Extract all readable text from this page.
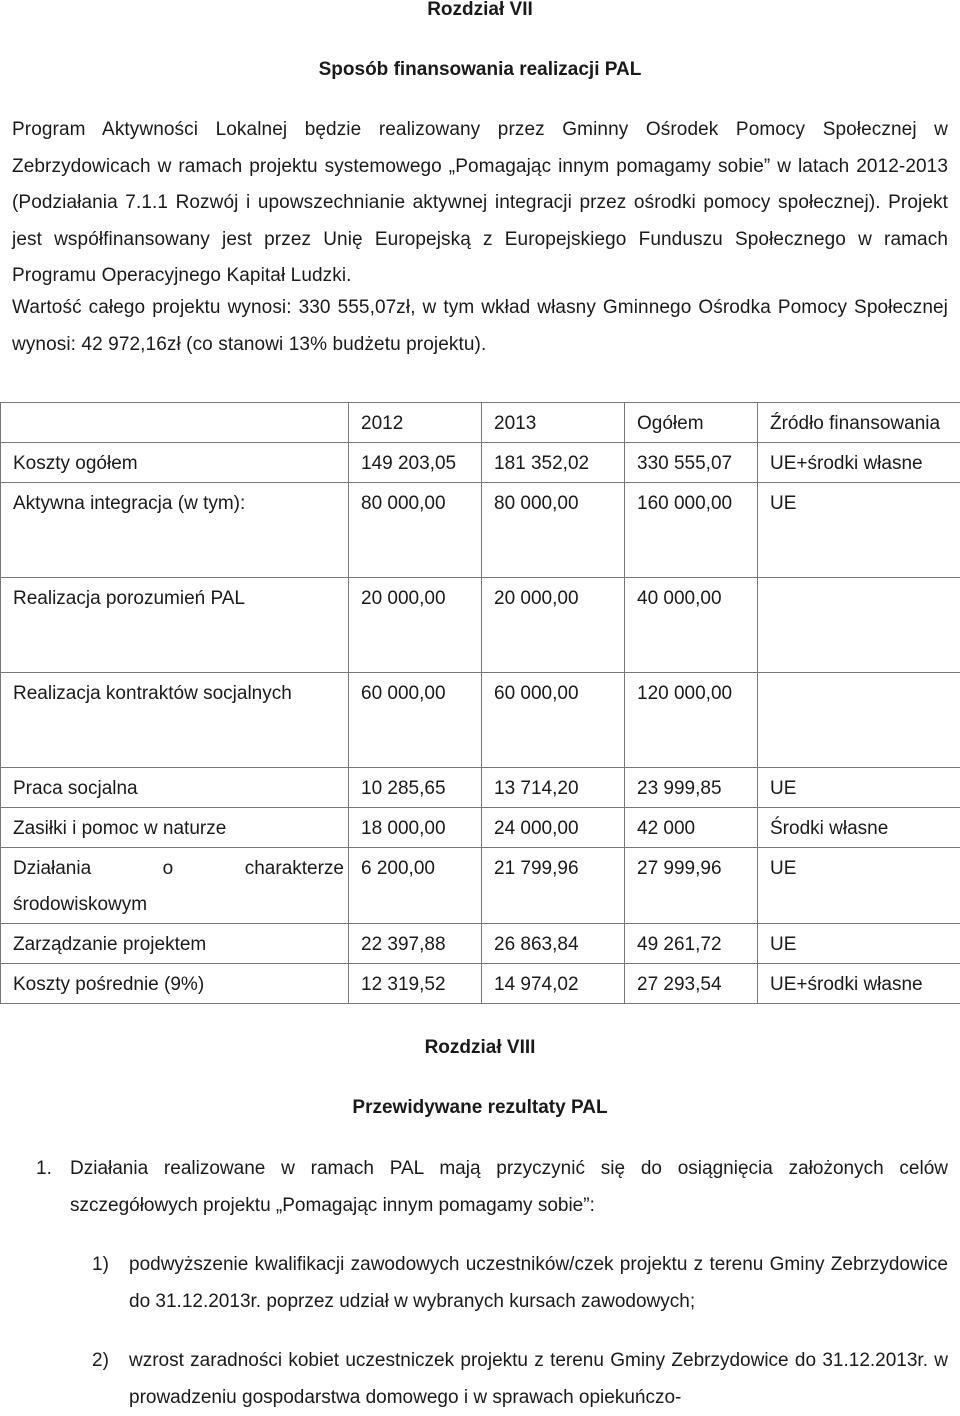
Rozdział VII
Sposób finansowania realizacji PAL

Program Aktywności Lokalnej będzie realizowany przez Gminny Ośrodek Pomocy Społecznej w Zebrzydowicach w ramach projektu systemowego „Pomagając innym pomagamy sobie” w latach 2012-2013 (Podziałania 7.1.1 Rozwój i upowszechnianie aktywnej integracji przez ośrodki pomocy społecznej). Projekt jest współfinansowany jest przez Unię Europejską z Europejskiego Funduszu Społecznego w ramach Programu Operacyjnego Kapitał Ludzki.

Wartość całego projektu wynosi: 330 555,07zł, w tym wkład własny Gminnego Ośrodka Pomocy Społecznej wynosi: 42 972,16zł (co stanowi 13% budżetu projektu).

	2012	2013	Ogółem	Źródło finansowania
Koszty ogółem	149 203,05	181 352,02	330 555,07	UE+środki własne
Aktywna integracja (w tym):	80 000,00	80 000,00	160 000,00	UE
Realizacja porozumień PAL	20 000,00	20 000,00	40 000,00	
Realizacja kontraktów socjalnych	60 000,00	60 000,00	120 000,00	
Praca socjalna	10 285,65	13 714,20	23 999,85	UE
Zasiłki i pomoc w naturze	18 000,00	24 000,00	42 000	Środki własne
Działania o charakterze środowiskowym	6 200,00	21 799,96	27 999,96	UE
Zarządzanie projektem	22 397,88	26 863,84	49 261,72	UE
Koszty pośrednie (9%)	12 319,52	14 974,02	27 293,54	UE+środki własne
Rozdział VIII
Przewidywane rezultaty PAL
1. Działania realizowane w ramach PAL mają przyczynić się do osiągnięcia założonych celów szczegółowych projektu „Pomagając innym pomagamy sobie”:
1) podwyższenie kwalifikacji zawodowych uczestników/czek projektu z terenu Gminy Zebrzydowice do 31.12.2013r. poprzez udział w wybranych kursach zawodowych;
2) wzrost zaradności kobiet uczestniczek projektu z terenu Gminy Zebrzydowice do 31.12.2013r. w prowadzeniu gospodarstwa domowego i w sprawach opiekuńczo-
